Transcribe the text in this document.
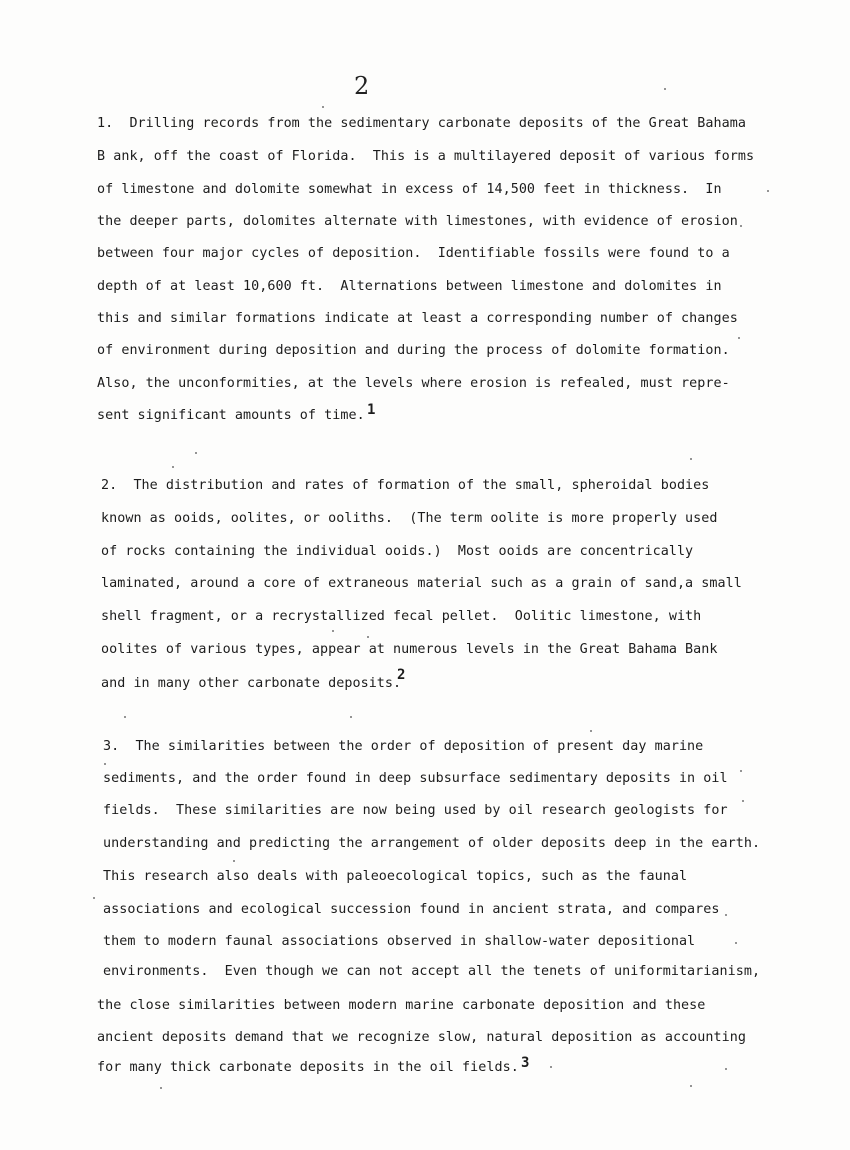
2
1.  Drilling records from the sedimentary carbonate deposits of the Great Bahama
B ank, off the coast of Florida.  This is a multilayered deposit of various forms
of limestone and dolomite somewhat in excess of 14,500 feet in thickness.  In
the deeper parts, dolomites alternate with limestones, with evidence of erosion
between four major cycles of deposition.  Identifiable fossils were found to a
depth of at least 10,600 ft.  Alternations between limestone and dolomites in
this and similar formations indicate at least a corresponding number of changes
of environment during deposition and during the process of dolomite formation.
Also, the unconformities, at the levels where erosion is refealed, must repre-
sent significant amounts of time. 1
2.  The distribution and rates of formation of the small, spheroidal bodies
known as ooids, oolites, or ooliths.  (The term oolite is more properly used
of rocks containing the individual ooids.)  Most ooids are concentrically
laminated, around a core of extraneous material such as a grain of sand,a small
shell fragment, or a recrystallized fecal pellet.  Oolitic limestone, with
oolites of various types, appear at numerous levels in the Great Bahama Bank
and in many other carbonate deposits.
2
3.  The similarities between the order of deposition of present day marine
sediments, and the order found in deep subsurface sedimentary deposits in oil
fields.  These similarities are now being used by oil research geologists for
understanding and predicting the arrangement of older deposits deep in the earth.
This research also deals with paleoecological topics, such as the faunal
associations and ecological succession found in ancient strata, and compares
them to modern faunal associations observed in shallow-water depositional
environments.  Even though we can not accept all the tenets of uniformitarianism,
the close similarities between modern marine carbonate deposition and these
ancient deposits demand that we recognize slow, natural deposition as accounting
for many thick carbonate deposits in the oil fields. 3
